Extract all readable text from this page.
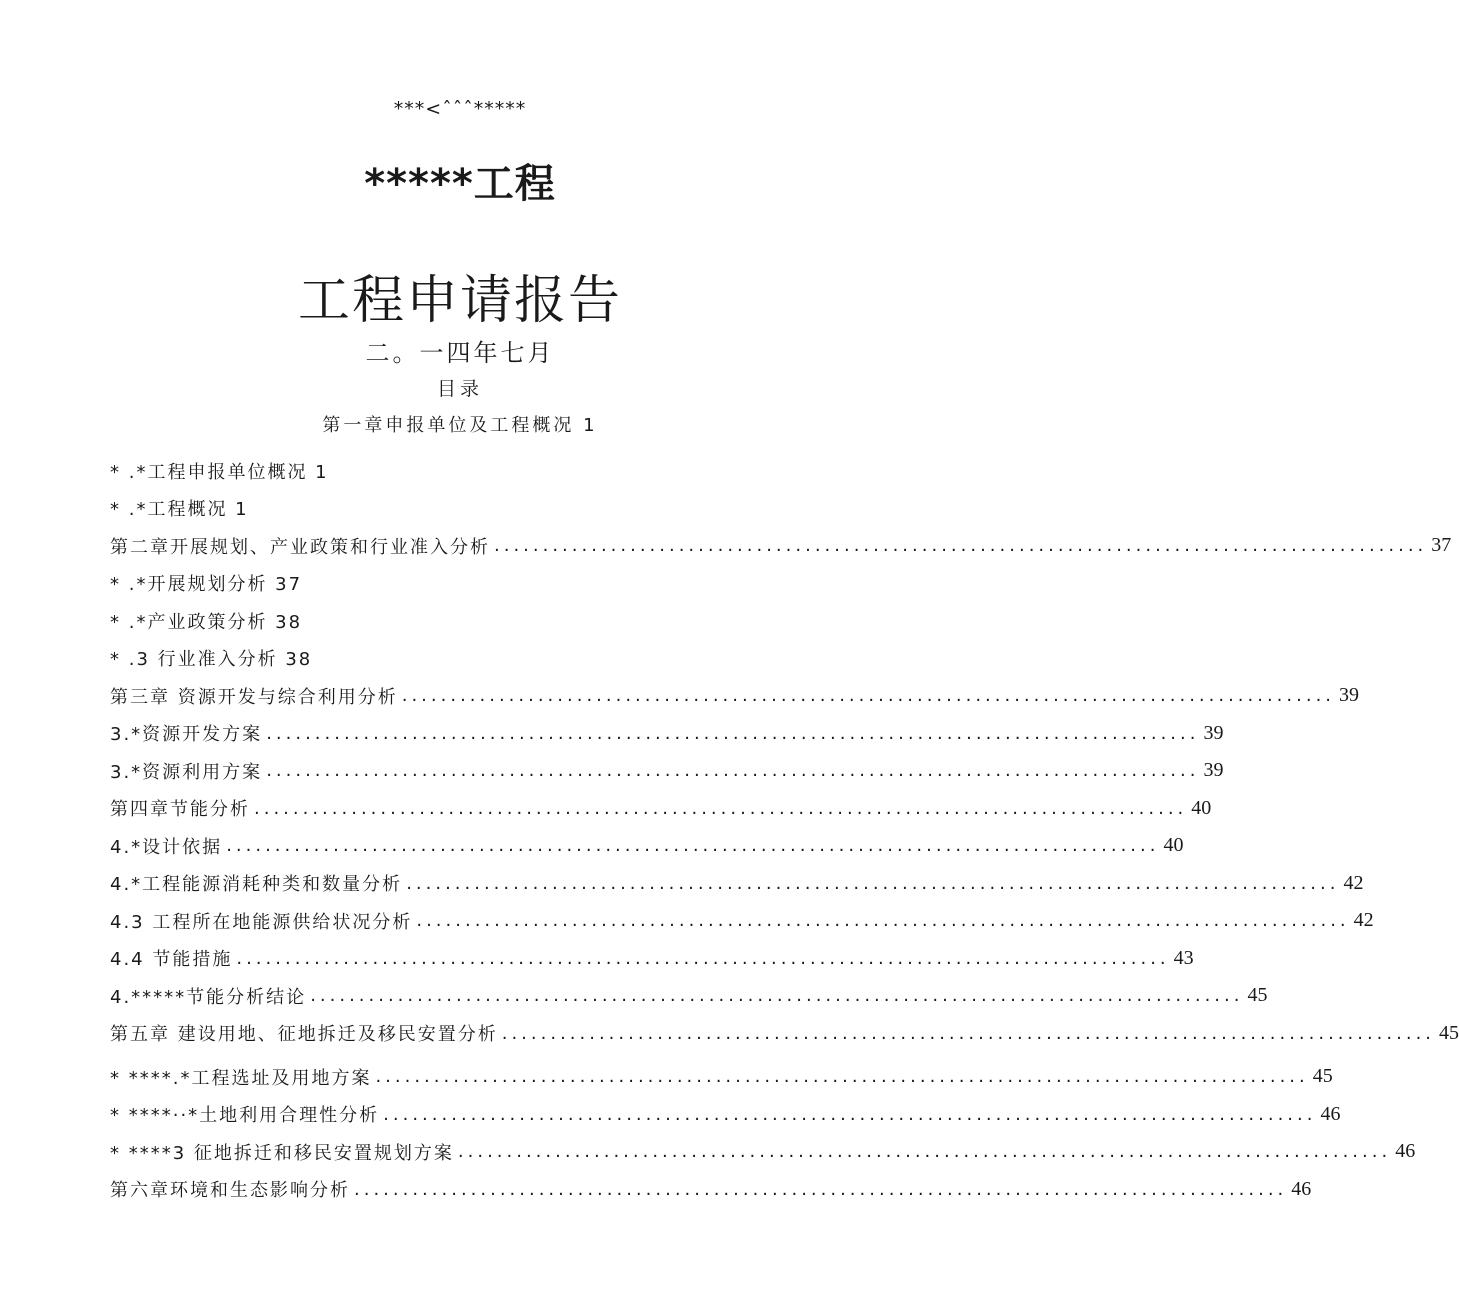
***<ˆˆˆ*****
*****工程
工程申请报告
二。一四年七月
目录
第一章申报单位及工程概况 1
* .*工程申报单位概况 1
* .*工程概况 1
第二章开展规划、产业政策和行业准入分析 ................................................................................................ 37
* .*开展规划分析 37
* .*产业政策分析 38
* .3 行业准入分析 38
第三章 资源开发与综合利用分析 ................................................................................................ 39
3.*资源开发方案 ................................................................................................ 39
3.*资源利用方案 ................................................................................................ 39
第四章节能分析 ................................................................................................ 40
4.*设计依据 ................................................................................................ 40
4.*工程能源消耗种类和数量分析 ................................................................................................ 42
4.3 工程所在地能源供给状况分析 ................................................................................................ 42
4.4 节能措施 ................................................................................................ 43
4.*****节能分析结论 ................................................................................................ 45
第五章 建设用地、征地拆迁及移民安置分析 ................................................................................................ 45
* ****.*工程选址及用地方案 ................................................................................................ 45
* ****··*土地利用合理性分析 ................................................................................................ 46
* ****3 征地拆迁和移民安置规划方案 ................................................................................................ 46
第六章环境和生态影响分析 ................................................................................................ 46
